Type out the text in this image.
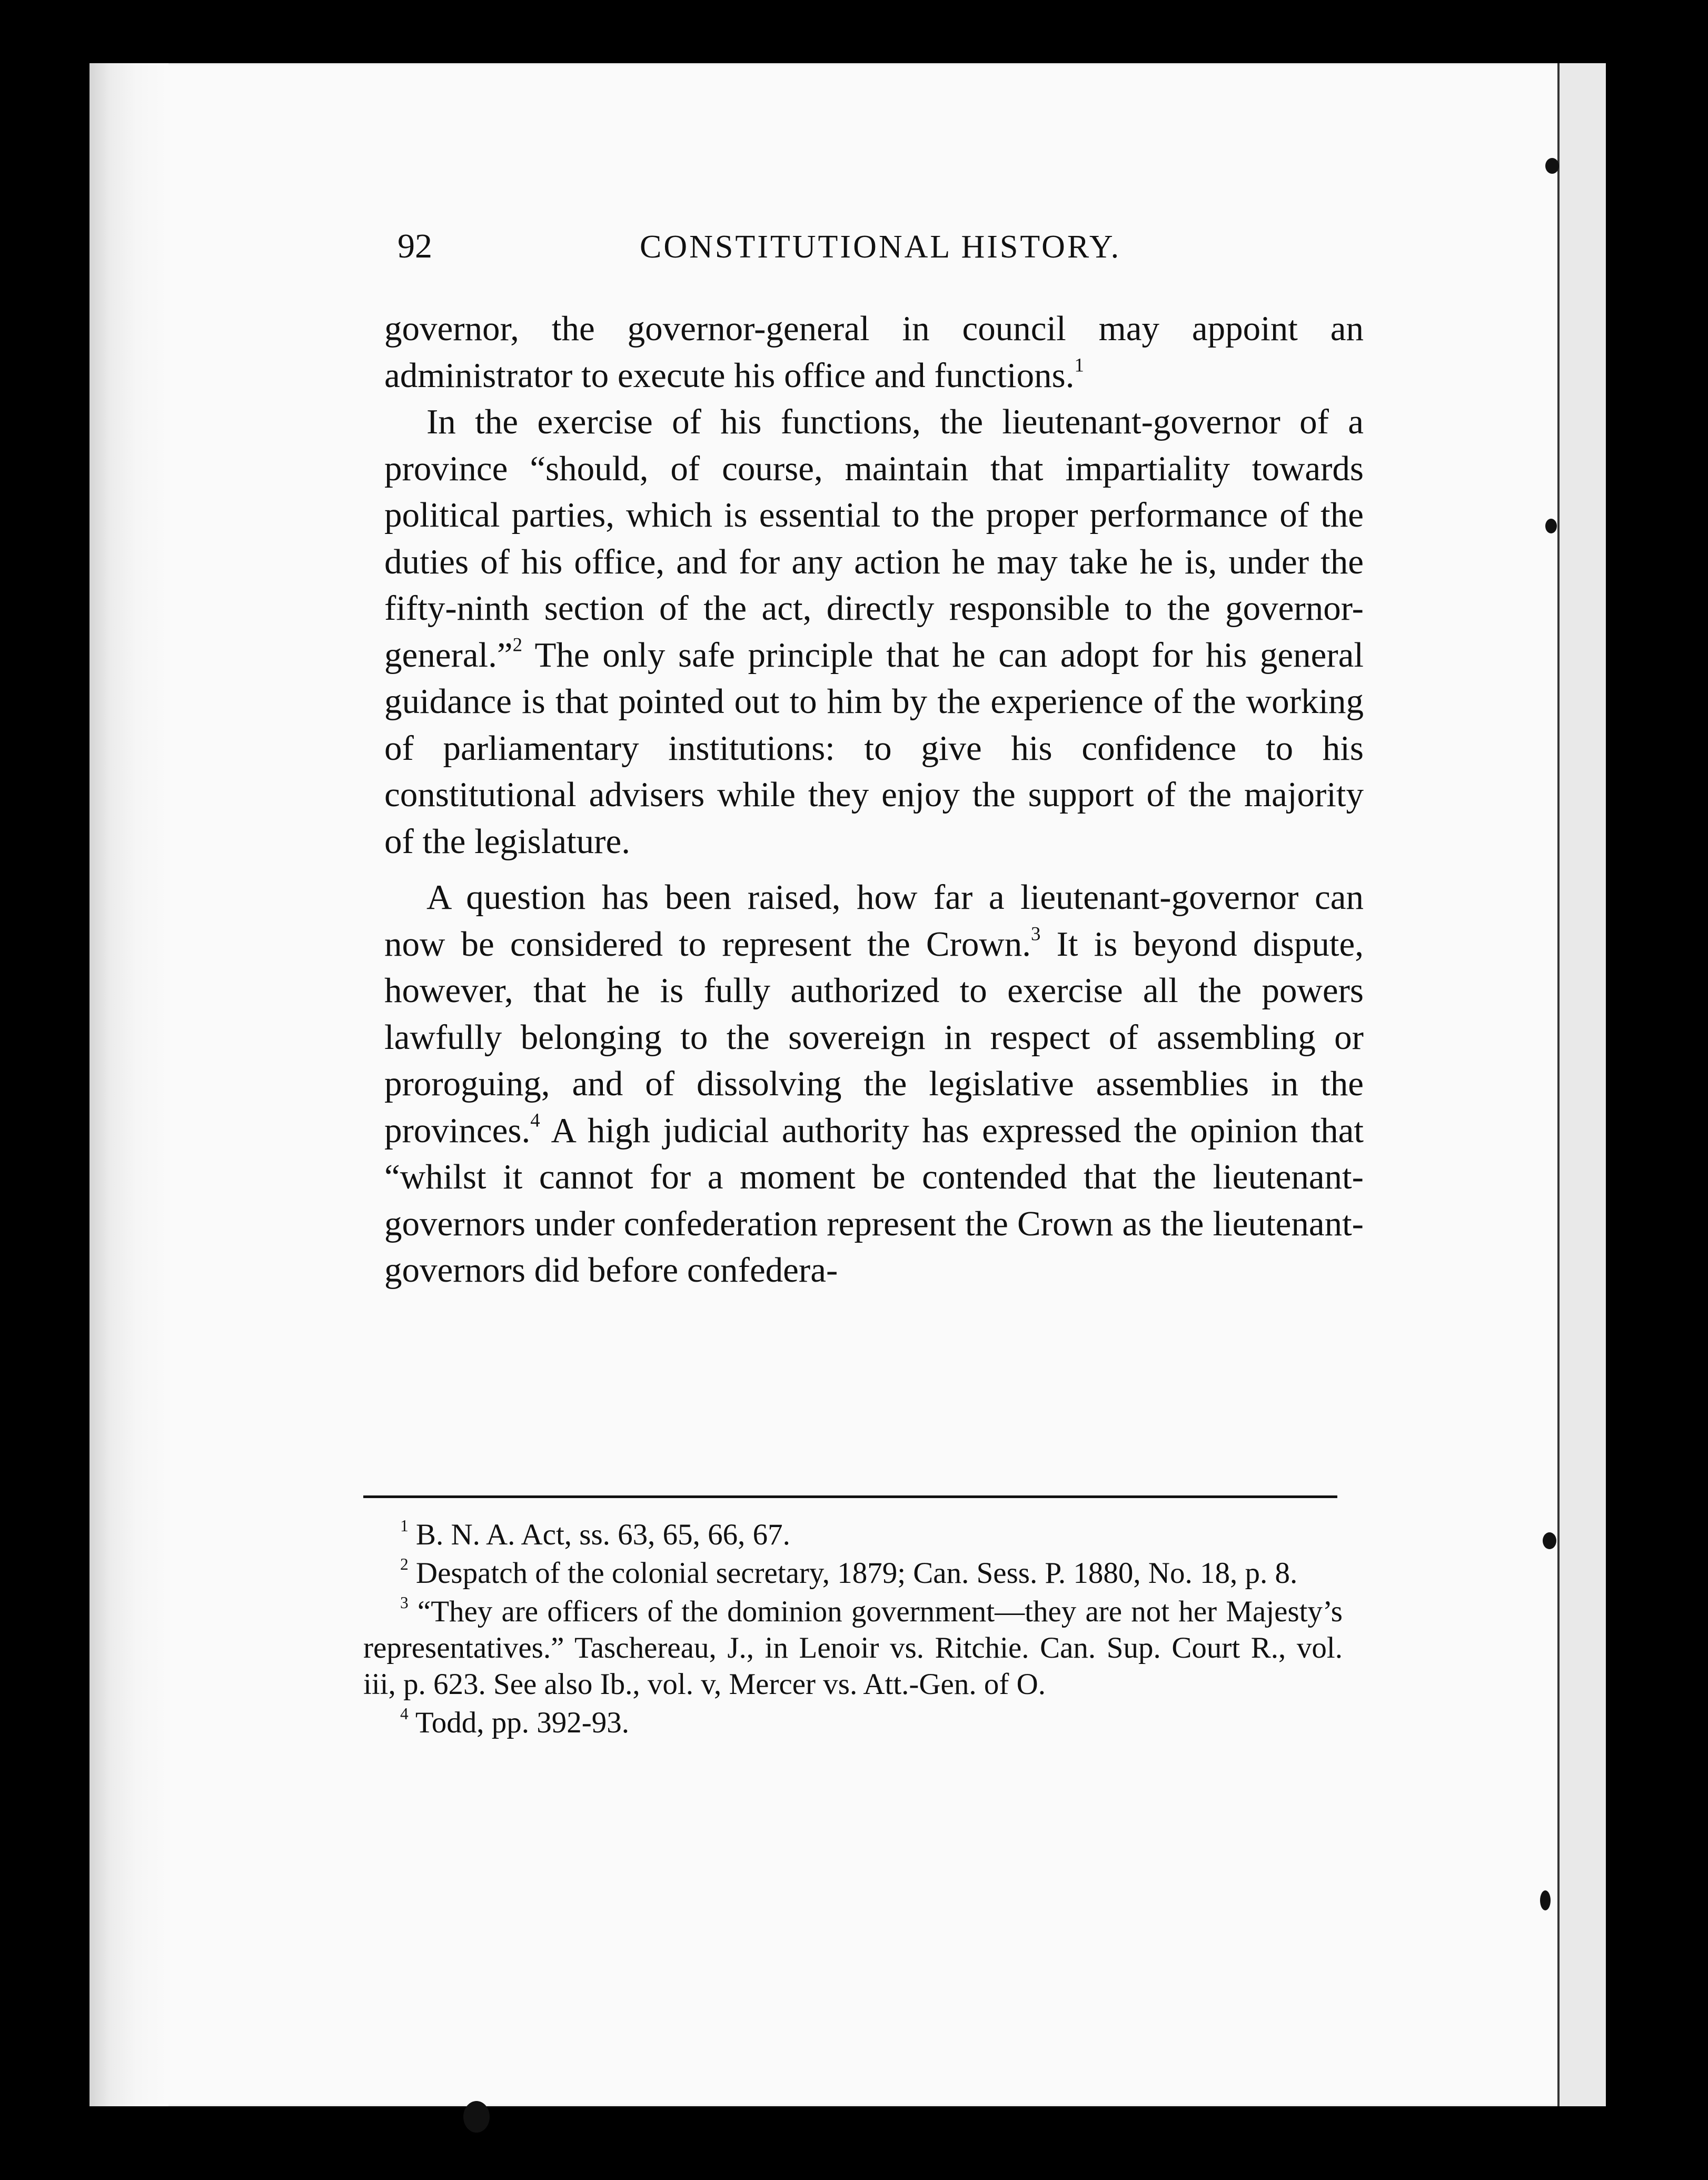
92	CONSTITUTIONAL HISTORY.

governor, the governor-general in council may appoint an administrator to execute his office and functions.$^1$

In the exercise of his functions, the lieutenant-governor of a province “should, of course, maintain that impartiality towards political parties, which is essential to the proper performance of the duties of his office, and for any action he may take he is, under the fifty-ninth section of the act, directly responsible to the governor-general.”$^2$ The only safe principle that he can adopt for his general guidance is that pointed out to him by the experience of the working of parliamentary institutions: to give his confidence to his constitutional advisers while they enjoy the support of the majority of the legislature.

A question has been raised, how far a lieutenant-governor can now be considered to represent the Crown.$^3$ It is beyond dispute, however, that he is fully authorized to exercise all the powers lawfully belonging to the sovereign in respect of assembling or proroguing, and of dissolving the legislative assemblies in the provinces.$^4$ A high judicial authority has expressed the opinion that “whilst it cannot for a moment be contended that the lieutenant-governors under confederation represent the Crown as the lieutenant-governors did before confedera-

$^1$ B. N. A. Act, ss. 63, 65, 66, 67.

$^2$ Despatch of the colonial secretary, 1879; Can. Sess. P. 1880, No. 18, p. 8.

$^3$ “They are officers of the dominion government—they are not her Majesty’s representatives.” Taschereau, J., in Lenoir vs. Ritchie. Can. Sup. Court R., vol. iii, p. 623. See also Ib., vol. v, Mercer vs. Att.-Gen. of O.

$^4$ Todd, pp. 392-93.
